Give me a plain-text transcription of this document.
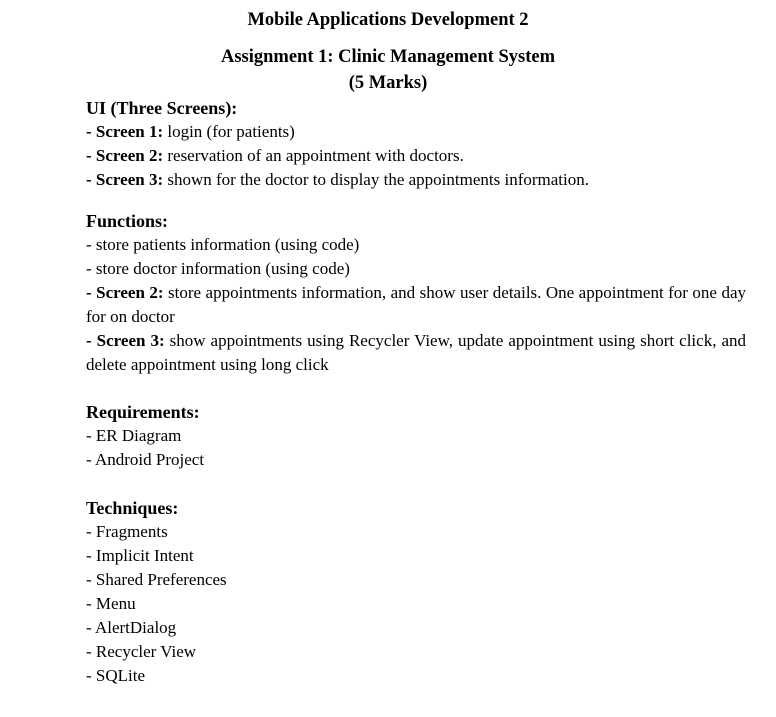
Mobile Applications Development 2
Assignment 1: Clinic Management System
(5 Marks)
UI (Three Screens):
- Screen 1: login (for patients)
- Screen 2: reservation of an appointment with doctors.
- Screen 3: shown for the doctor to display the appointments information.
Functions:
- store patients information (using code)
- store doctor information (using code)
- Screen 2: store appointments information, and show user details. One appointment for one day for on doctor
- Screen 3: show appointments using Recycler View, update appointment using short click, and delete appointment using long click
Requirements:
- ER Diagram
- Android Project
Techniques:
- Fragments
- Implicit Intent
- Shared Preferences
- Menu
- AlertDialog
- Recycler View
- SQLite
